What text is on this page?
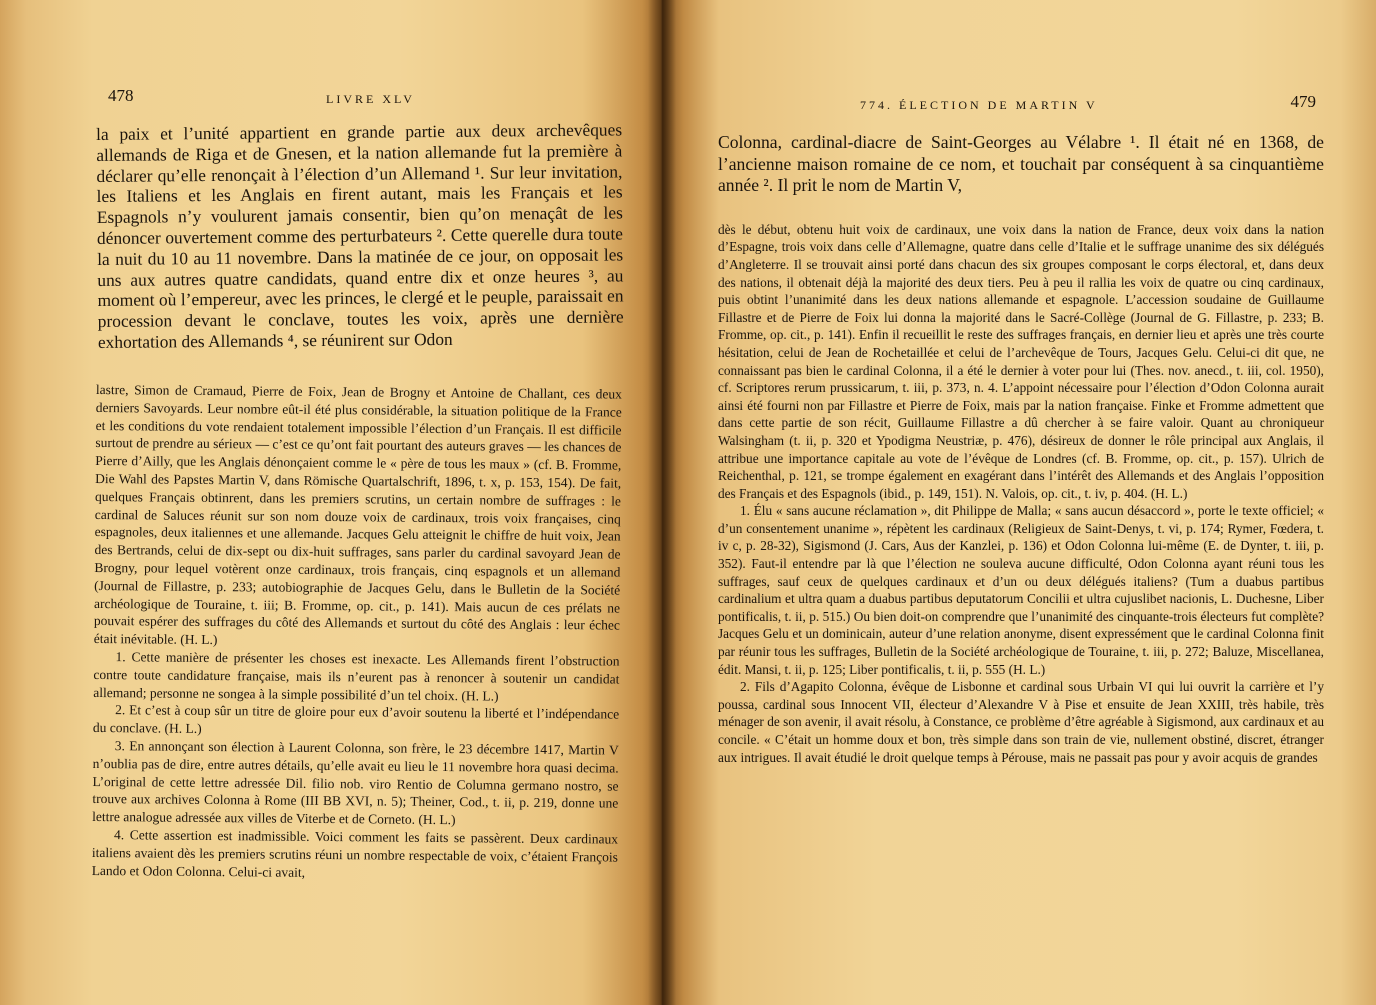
478	LIVRE XLV

la paix et l’unité appartient en grande partie aux deux archevêques allemands de Riga et de Gnesen, et la nation allemande fut la première à déclarer qu’elle renonçait à l’élection d’un Allemand ¹. Sur leur invitation, les Italiens et les Anglais en firent autant, mais les Français et les Espagnols n’y voulurent jamais consentir, bien qu’on menaçât de les dénoncer ouvertement comme des perturbateurs ². Cette querelle dura toute la nuit du 10 au 11 novembre. Dans la matinée de ce jour, on opposait les uns aux autres quatre candidats, quand entre dix et onze heures ³, au moment où l’empereur, avec les princes, le clergé et le peuple, paraissait en procession devant le conclave, toutes les voix, après une dernière exhortation des Allemands ⁴, se réunirent sur Odon

lastre, Simon de Cramaud, Pierre de Foix, Jean de Brogny et Antoine de Challant, ces deux derniers Savoyards. Leur nombre eût-il été plus considérable, la situation politique de la France et les conditions du vote rendaient totalement impossible l’élection d’un Français. Il est difficile surtout de prendre au sérieux — c’est ce qu’ont fait pourtant des auteurs graves — les chances de Pierre d’Ailly, que les Anglais dénonçaient comme le « père de tous les maux » (cf. B. Fromme, Die Wahl des Papstes Martin V, dans Römische Quartalschrift, 1896, t. x, p. 153, 154). De fait, quelques Français obtinrent, dans les premiers scrutins, un certain nombre de suffrages : le cardinal de Saluces réunit sur son nom douze voix de cardinaux, trois voix françaises, cinq espagnoles, deux italiennes et une allemande. Jacques Gelu atteignit le chiffre de huit voix, Jean des Bertrands, celui de dix-sept ou dix-huit suffrages, sans parler du cardinal savoyard Jean de Brogny, pour lequel votèrent onze cardinaux, trois français, cinq espagnols et un allemand (Journal de Fillastre, p. 233; autobiographie de Jacques Gelu, dans le Bulletin de la Société archéologique de Touraine, t. iii; B. Fromme, op. cit., p. 141). Mais aucun de ces prélats ne pouvait espérer des suffrages du côté des Allemands et surtout du côté des Anglais : leur échec était inévitable. (H. L.)

1. Cette manière de présenter les choses est inexacte. Les Allemands firent l’obstruction contre toute candidature française, mais ils n’eurent pas à renoncer à soutenir un candidat allemand; personne ne songea à la simple possibilité d’un tel choix. (H. L.)

2. Et c’est à coup sûr un titre de gloire pour eux d’avoir soutenu la liberté et l’indépendance du conclave. (H. L.)

3. En annonçant son élection à Laurent Colonna, son frère, le 23 décembre 1417, Martin V n’oublia pas de dire, entre autres détails, qu’elle avait eu lieu le 11 novembre hora quasi decima. L’original de cette lettre adressée Dil. filio nob. viro Rentio de Columna germano nostro, se trouve aux archives Colonna à Rome (III BB XVI, n. 5); Theiner, Cod., t. ii, p. 219, donne une lettre analogue adressée aux villes de Viterbe et de Corneto. (H. L.)

4. Cette assertion est inadmissible. Voici comment les faits se passèrent. Deux cardinaux italiens avaient dès les premiers scrutins réuni un nombre respectable de voix, c’étaient François Lando et Odon Colonna. Celui-ci avait,

774. ÉLECTION DE MARTIN V	479

Colonna, cardinal-diacre de Saint-Georges au Vélabre ¹. Il était né en 1368, de l’ancienne maison romaine de ce nom, et touchait par conséquent à sa cinquantième année ². Il prit le nom de Martin V,

dès le début, obtenu huit voix de cardinaux, une voix dans la nation de France, deux voix dans la nation d’Espagne, trois voix dans celle d’Allemagne, quatre dans celle d’Italie et le suffrage unanime des six délégués d’Angleterre. Il se trouvait ainsi porté dans chacun des six groupes composant le corps électoral, et, dans deux des nations, il obtenait déjà la majorité des deux tiers. Peu à peu il rallia les voix de quatre ou cinq cardinaux, puis obtint l’unanimité dans les deux nations allemande et espagnole. L’accession soudaine de Guillaume Fillastre et de Pierre de Foix lui donna la majorité dans le Sacré-Collège (Journal de G. Fillastre, p. 233; B. Fromme, op. cit., p. 141). Enfin il recueillit le reste des suffrages français, en dernier lieu et après une très courte hésitation, celui de Jean de Rochetaillée et celui de l’archevêque de Tours, Jacques Gelu. Celui-ci dit que, ne connaissant pas bien le cardinal Colonna, il a été le dernier à voter pour lui (Thes. nov. anecd., t. iii, col. 1950), cf. Scriptores rerum prussicarum, t. iii, p. 373, n. 4. L’appoint nécessaire pour l’élection d’Odon Colonna aurait ainsi été fourni non par Fillastre et Pierre de Foix, mais par la nation française. Finke et Fromme admettent que dans cette partie de son récit, Guillaume Fillastre a dû chercher à se faire valoir. Quant au chroniqueur Walsingham (t. ii, p. 320 et Ypodigma Neustriæ, p. 476), désireux de donner le rôle principal aux Anglais, il attribue une importance capitale au vote de l’évêque de Londres (cf. B. Fromme, op. cit., p. 157). Ulrich de Reichenthal, p. 121, se trompe également en exagérant dans l’intérêt des Allemands et des Anglais l’opposition des Français et des Espagnols (ibid., p. 149, 151). N. Valois, op. cit., t. iv, p. 404. (H. L.)

1. Élu « sans aucune réclamation », dit Philippe de Malla; « sans aucun désaccord », porte le texte officiel; « d’un consentement unanime », répètent les cardinaux (Religieux de Saint-Denys, t. vi, p. 174; Rymer, Fœdera, t. iv c, p. 28-32), Sigismond (J. Cars, Aus der Kanzlei, p. 136) et Odon Colonna lui-même (E. de Dynter, t. iii, p. 352). Faut-il entendre par là que l’élection ne souleva aucune difficulté, Odon Colonna ayant réuni tous les suffrages, sauf ceux de quelques cardinaux et d’un ou deux délégués italiens? (Tum a duabus partibus cardinalium et ultra quam a duabus partibus deputatorum Concilii et ultra cujuslibet nacionis, L. Duchesne, Liber pontificalis, t. ii, p. 515.) Ou bien doit-on comprendre que l’unanimité des cinquante-trois électeurs fut complète? Jacques Gelu et un dominicain, auteur d’une relation anonyme, disent expressément que le cardinal Colonna finit par réunir tous les suffrages, Bulletin de la Société archéologique de Touraine, t. iii, p. 272; Baluze, Miscellanea, édit. Mansi, t. ii, p. 125; Liber pontificalis, t. ii, p. 555 (H. L.)

2. Fils d’Agapito Colonna, évêque de Lisbonne et cardinal sous Urbain VI qui lui ouvrit la carrière et l’y poussa, cardinal sous Innocent VII, électeur d’Alexandre V à Pise et ensuite de Jean XXIII, très habile, très ménager de son avenir, il avait résolu, à Constance, ce problème d’être agréable à Sigismond, aux cardinaux et au concile. « C’était un homme doux et bon, très simple dans son train de vie, nullement obstiné, discret, étranger aux intrigues. Il avait étudié le droit quelque temps à Pérouse, mais ne passait pas pour y avoir acquis de grandes
